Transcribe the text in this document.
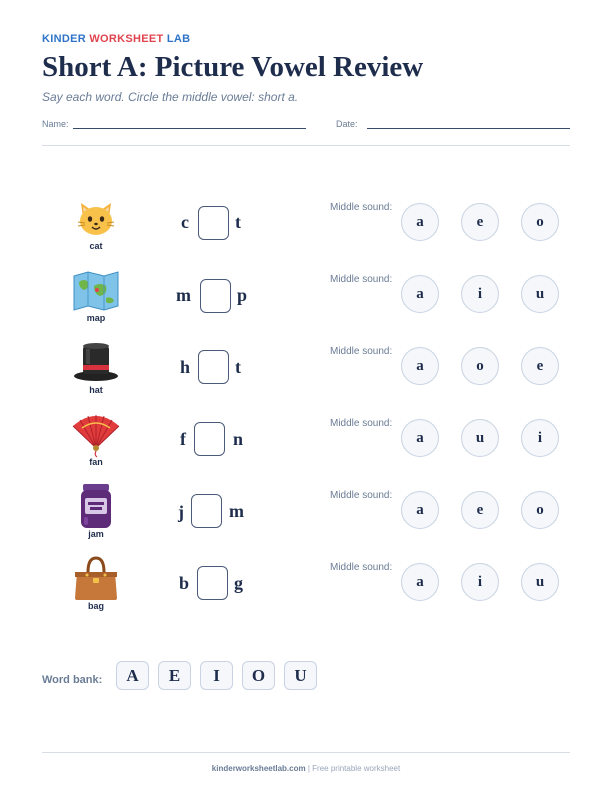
KINDER WORKSHEET LAB
Short A: Picture Vowel Review
Say each word. Circle the middle vowel: short a.
Name:	Date:
cat
c	t
Middle sound:
a	e	o
map
m	p
Middle sound:
a	i	u
hat
h t
Middle sound:
a	o	e
fan
f	n
Middle sound:
a	u	i
jam
j	m
Middle sound:
a	e	o
bag
b g
Middle sound:
a	i	u
Word bank:	A	E	I	O	U
kinderworksheetlab.com | Free printable worksheet
